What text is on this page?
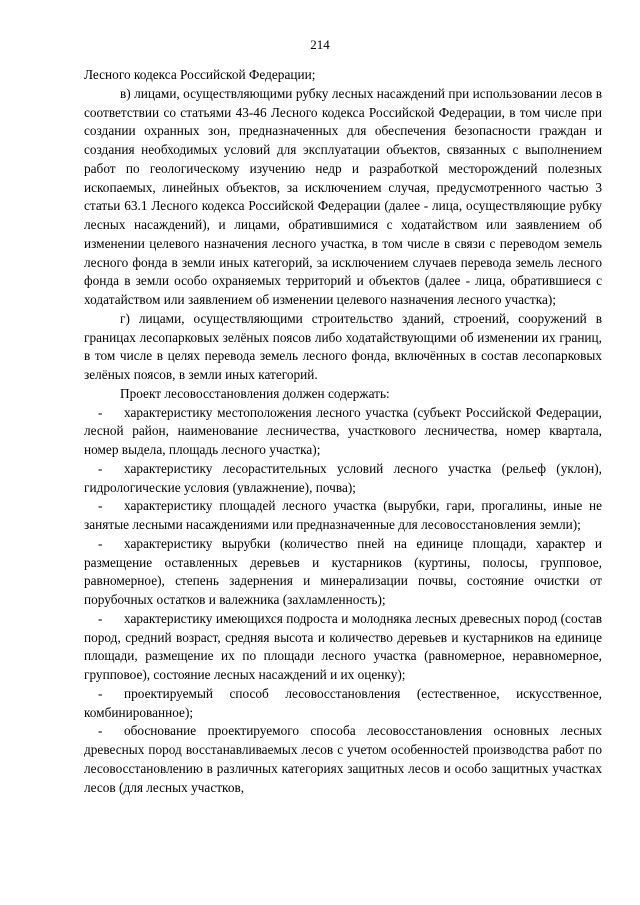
214

Лесного кодекса Российской Федерации;

в) лицами, осуществляющими рубку лесных насаждений при использовании лесов в соответствии со статьями 43-46 Лесного кодекса Российской Федерации, в том числе при создании охранных зон, предназначенных для обеспечения безопасности граждан и создания необходимых условий для эксплуатации объектов, связанных с выполнением работ по геологическому изучению недр и разработкой месторождений полезных ископаемых, линейных объектов, за исключением случая, предусмотренного частью 3 статьи 63.1 Лесного кодекса Российской Федерации (далее - лица, осуществляющие рубку лесных насаждений), и лицами, обратившимися с ходатайством или заявлением об изменении целевого назначения лесного участка, в том числе в связи с переводом земель лесного фонда в земли иных категорий, за исключением случаев перевода земель лесного фонда в земли особо охраняемых территорий и объектов (далее - лица, обратившиеся с ходатайством или заявлением об изменении целевого назначения лесного участка);

г) лицами, осуществляющими строительство зданий, строений, сооружений в границах лесопарковых зелёных поясов либо ходатайствующими об изменении их границ, в том числе в целях перевода земель лесного фонда, включённых в состав лесопарковых зелёных поясов, в земли иных категорий.

Проект лесовосстановления должен содержать:

- характеристику местоположения лесного участка (субъект Российской Федерации, лесной район, наименование лесничества, участкового лесничества, номер квартала, номер выдела, площадь лесного участка);

- характеристику лесорастительных условий лесного участка (рельеф (уклон), гидрологические условия (увлажнение), почва);

- характеристику площадей лесного участка (вырубки, гари, прогалины, иные не занятые лесными насаждениями или предназначенные для лесовосстановления земли);

- характеристику вырубки (количество пней на единице площади, характер и размещение оставленных деревьев и кустарников (куртины, полосы, групповое, равномерное), степень задернения и минерализации почвы, состояние очистки от порубочных остатков и валежника (захламленность);

- характеристику имеющихся подроста и молодняка лесных древесных пород (состав пород, средний возраст, средняя высота и количество деревьев и кустарников на единице площади, размещение их по площади лесного участка (равномерное, неравномерное, групповое), состояние лесных насаждений и их оценку);

- проектируемый способ лесовосстановления (естественное, искусственное, комбинированное);

- обоснование проектируемого способа лесовосстановления основных лесных древесных пород восстанавливаемых лесов с учетом особенностей производства работ по лесовосстановлению в различных категориях защитных лесов и особо защитных участках лесов (для лесных участков,
